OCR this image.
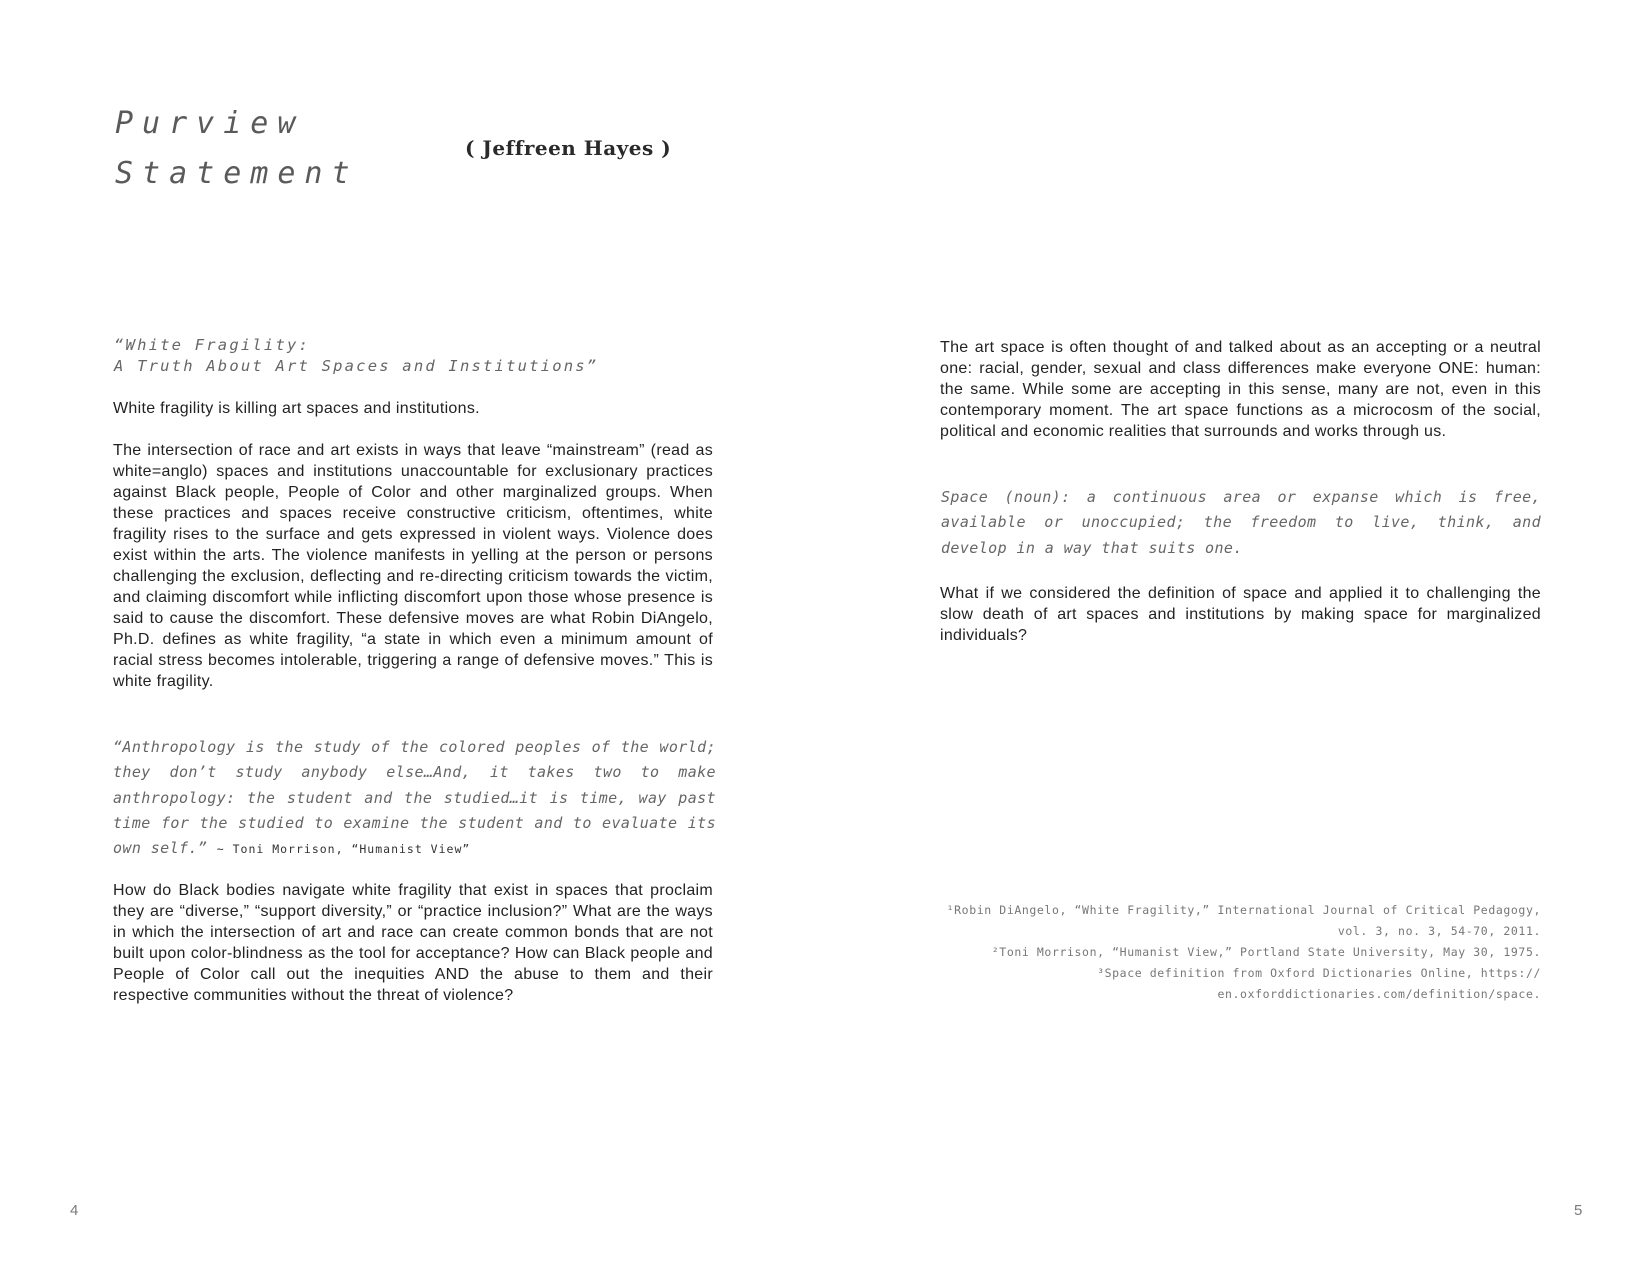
Purview
Statement
( Jeffreen Hayes )
“White Fragility:
A Truth About Art Spaces and Institutions”

White fragility is killing art spaces and institutions.

The intersection of race and art exists in ways that leave “mainstream” (read as white=anglo) spaces and institutions unaccountable for exclusionary practices against Black people, People of Color and other marginalized groups. When these practices and spaces receive constructive criticism, oftentimes, white fragility rises to the surface and gets expressed in violent ways. Violence does exist within the arts. The violence manifests in yelling at the person or persons challenging the exclusion, deflecting and re-directing criticism towards the victim, and claiming discomfort while inflicting discomfort upon those whose presence is said to cause the discomfort. These defensive moves are what Robin DiAngelo, Ph.D. defines as white fragility, “a state in which even a minimum amount of racial stress becomes intolerable, triggering a range of defensive moves.” This is white fragility.

“Anthropology is the study of the colored peoples of the world; they don’t study anybody else…And, it takes two to make anthropology: the student and the studied…it is time, way past time for the studied to examine the student and to evaluate its own self.” ~ Toni Morrison, “Humanist View”

How do Black bodies navigate white fragility that exist in spaces that proclaim they are “diverse,” “support diversity,” or “practice inclusion?” What are the ways in which the intersection of art and race can create common bonds that are not built upon color-blindness as the tool for acceptance? How can Black people and People of Color call out the inequities AND the abuse to them and their respective communities without the threat of violence?

4

The art space is often thought of and talked about as an accepting or a neutral one: racial, gender, sexual and class differences make everyone ONE: human: the same. While some are accepting in this sense, many are not, even in this contemporary moment. The art space functions as a microcosm of the social, political and economic realities that surrounds and works through us.

Space (noun): a continuous area or expanse which is free, available or unoccupied; the freedom to live, think, and develop in a way that suits one.

What if we considered the definition of space and applied it to challenging the slow death of art spaces and institutions by making space for marginalized individuals?

¹Robin DiAngelo, “White Fragility,” International Journal of Critical Pedagogy,
vol. 3, no. 3, 54-70, 2011.
²Toni Morrison, “Humanist View,” Portland State University, May 30, 1975.
³Space definition from Oxford Dictionaries Online, https://
en.oxforddictionaries.com/definition/space.
5
